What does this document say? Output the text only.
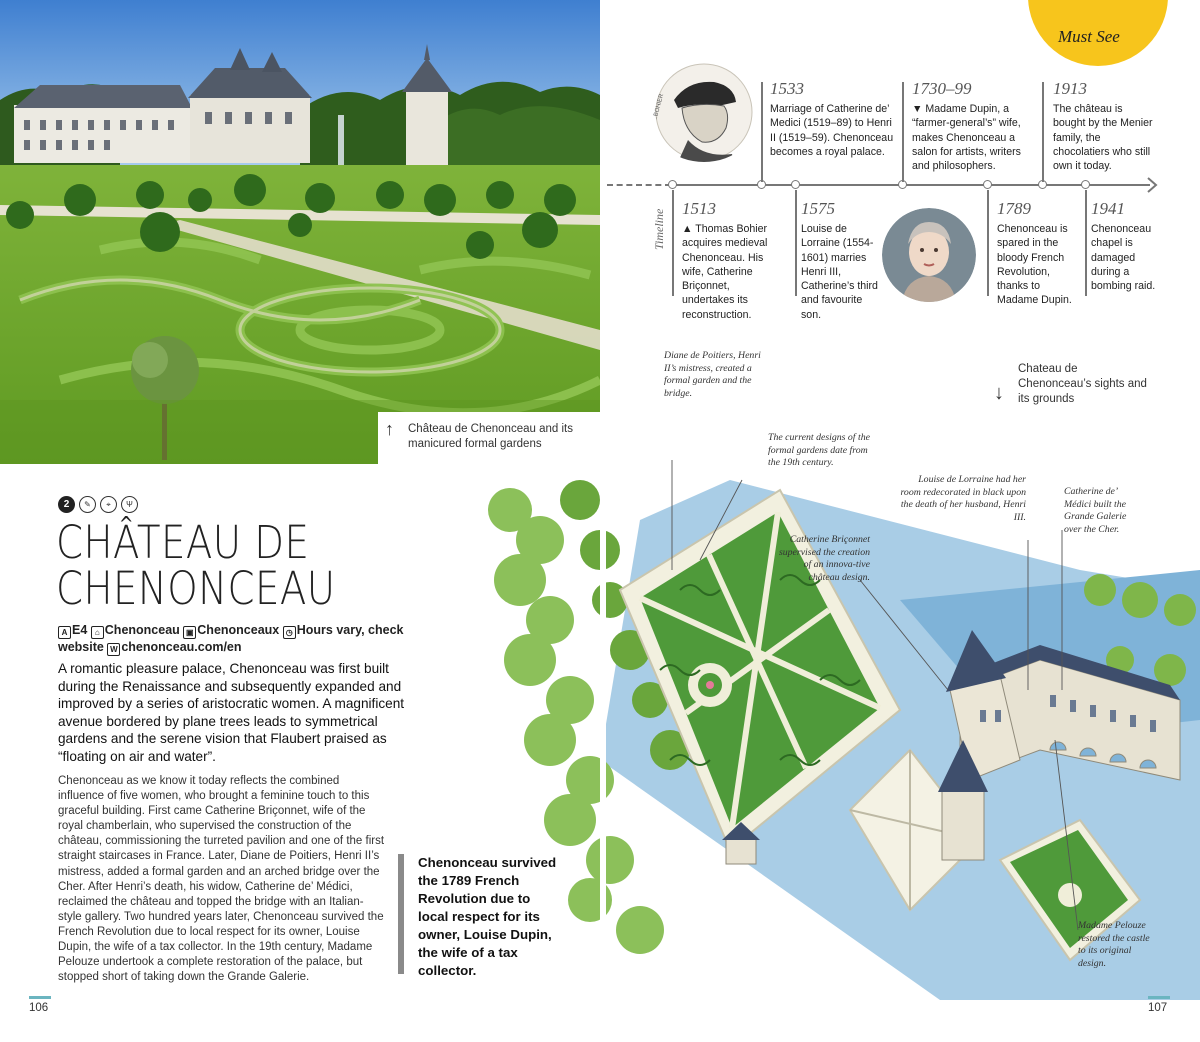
↑ Château de Chenonceau and its manicured formal gardens
2	✎	⌖	Ψ
CHÂTEAU DE
CHENONCEAU
A E4 ⌂ Chenonceau ▣ Chenonceaux ◷ Hours vary, check website W chenonceau.com/en
A romantic pleasure palace, Chenonceau was first built during the Renaissance and subsequently expanded and improved by a series of aristocratic women. A magnificent avenue bordered by plane trees leads to symmetrical gardens and the serene vision that Flaubert praised as “floating on air and water”.
Chenonceau as we know it today reflects the combined influence of five women, who brought a feminine touch to this graceful building. First came Catherine Briçonnet, wife of the royal chamberlain, who supervised the construction of the château, commissioning the turreted pavilion and one of the first straight staircases in France. Later, Diane de Poitiers, Henri II’s mistress, added a formal garden and an arched bridge over the Cher. After Henri’s death, his widow, Catherine de’ Médici, reclaimed the château and topped the bridge with an Italian-style gallery. Two hundred years later, Chenonceau survived the French Revolution due to local respect for its owner, Louise Dupin, the wife of a tax collector. In the 19th century, Madame Pelouze undertook a complete restoration of the palace, but stopped short of taking down the Grande Galerie.
Chenonceau survived the 1789 French Revolution due to local respect for its owner, Louise Dupin, the wife of a tax collector.
106
Must See
Timeline
1533
Marriage of Catherine de’ Medici (1519–89) to Henri II (1519–59). Chenonceau becomes a royal palace.
1730–99
▼ Madame Dupin, a “farmer-general’s” wife, makes Chenonceau a salon for artists, writers and philosophers.
1913
The château is bought by the Menier family, the chocolatiers who still own it today.
1513
▲ Thomas Bohier acquires medieval Chenonceau. His wife, Catherine Briçonnet, undertakes its reconstruction.
1575
Louise de Lorraine (1554-1601) marries Henri III, Catherine’s third and favourite son.
1789
Chenonceau is spared in the bloody French Revolution, thanks to Madame Dupin.
1941
Chenonceau chapel is damaged during a bombing raid.
..BOHIER
↓
Chateau de Chenonceau’s sights and its grounds
Diane de Poitiers, Henri II’s mistress, created a formal garden and the bridge.
The current designs of the formal gardens date from the 19th century.
Louise de Lorraine had her room redecorated in black upon the death of her husband, Henri III.
Catherine de’ Médici built the Grande Galerie over the Cher.
Catherine Briçonnet supervised the creation of an innova-tive château design.
Madame Pelouze restored the castle to its original design.
107
